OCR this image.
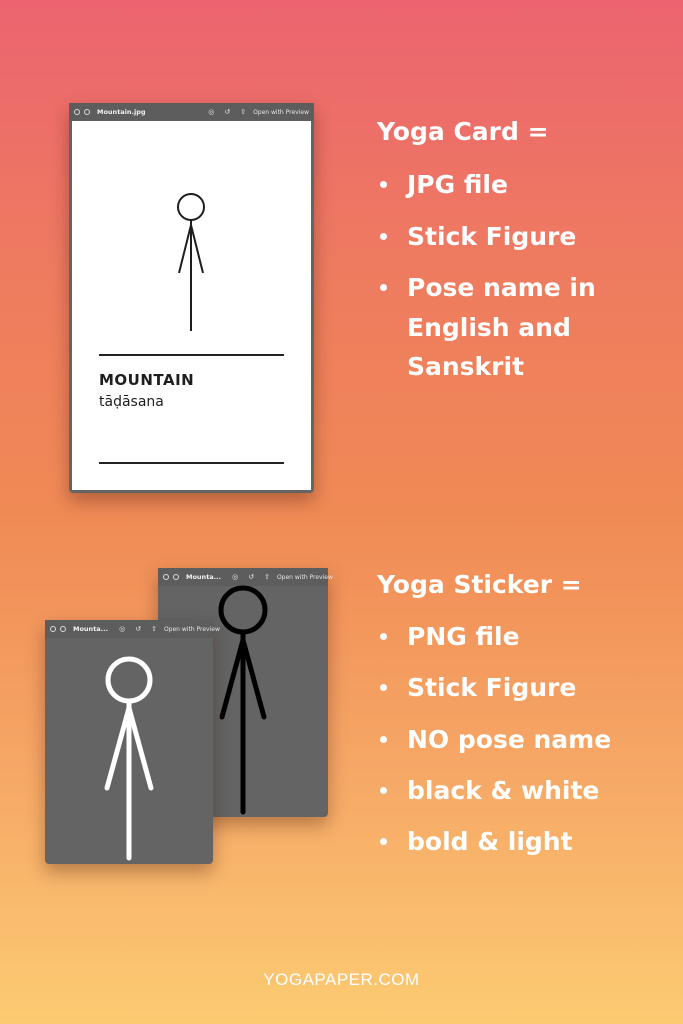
Mountain.jpg	◎ ↺ ⇧ Open with Preview
MOUNTAIN
tāḍāsana
Yoga Card =
JPG file
Stick Figure
Pose name in
English and
Sanskrit
Mounta... ◎ ↺ ⇧ Open with Preview
Mounta... ◎ ↺ ⇧ Open with Preview
Yoga Sticker =
PNG file
Stick Figure
NO pose name
black & white
bold & light
YOGAPAPER.COM
